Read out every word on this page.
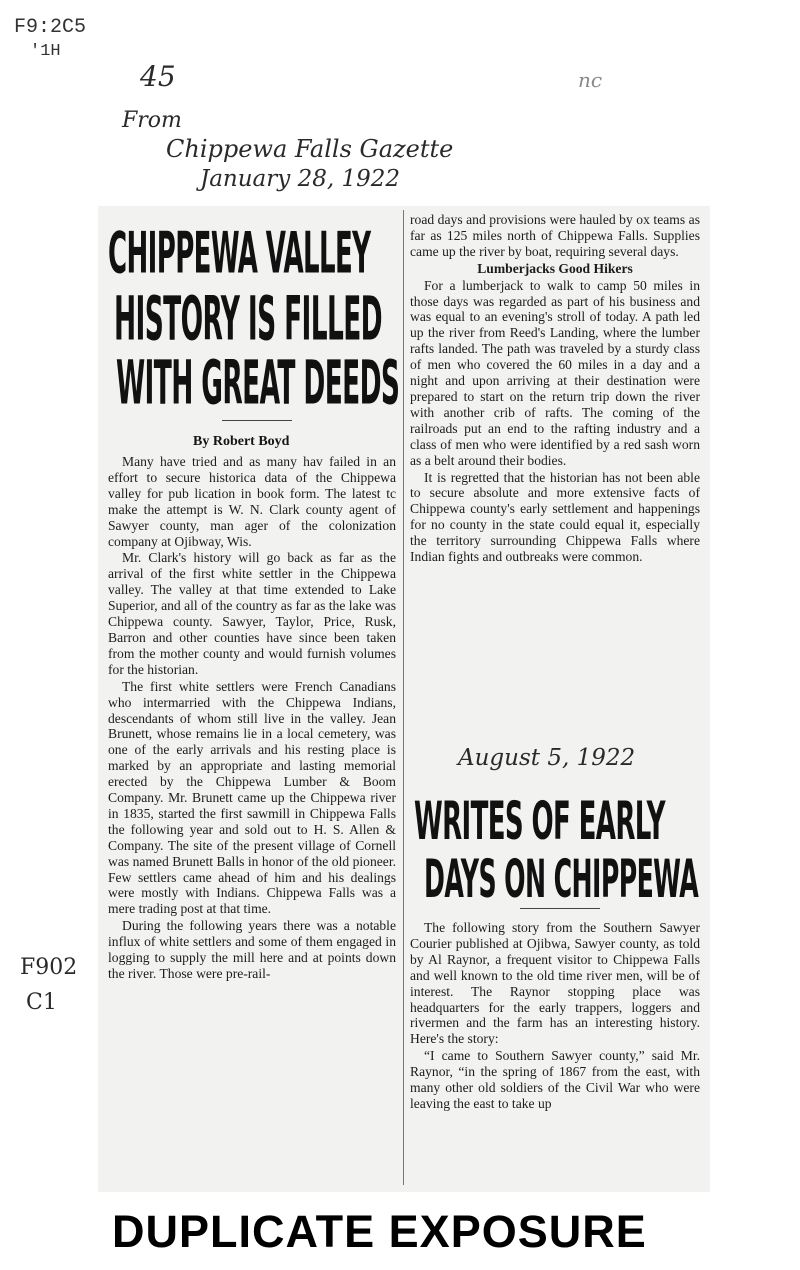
F9:2C5
'1H
45	nc
F902
C1
From
Chippewa Falls Gazette
January 28, 1922
CHIPPEWA VALLEY
HISTORY IS FILLED
WITH GREAT DEEDS
By Robert Boyd

Many have tried and as many hav failed in an effort to secure historica data of the Chippewa valley for pub lication in book form. The latest tc make the attempt is W. N. Clark county agent of Sawyer county, man ager of the colonization company at Ojibway, Wis.

Mr. Clark's history will go back as far as the arrival of the first white settler in the Chippewa valley. The valley at that time extended to Lake Superior, and all of the country as far as the lake was Chippewa county. Sawyer, Taylor, Price, Rusk, Barron and other counties have since been taken from the mother county and would furnish volumes for the historian.

The first white settlers were French Canadians who intermarried with the Chippewa Indians, descendants of whom still live in the valley. Jean Brunett, whose remains lie in a local cemetery, was one of the early arrivals and his resting place is marked by an appropriate and lasting memorial erected by the Chippewa Lumber & Boom Company. Mr. Brunett came up the Chippewa river in 1835, started the first sawmill in Chippewa Falls the following year and sold out to H. S. Allen & Company. The site of the present village of Cornell was named Brunett Balls in honor of the old pioneer. Few settlers came ahead of him and his dealings were mostly with Indians. Chippewa Falls was a mere trading post at that time.

During the following years there was a notable influx of white settlers and some of them engaged in logging to supply the mill here and at points down the river. Those were pre-rail-

road days and provisions were hauled by ox teams as far as 125 miles north of Chippewa Falls. Supplies came up the river by boat, requiring several days.

Lumberjacks Good Hikers

For a lumberjack to walk to camp 50 miles in those days was regarded as part of his business and was equal to an evening's stroll of today. A path led up the river from Reed's Landing, where the lumber rafts landed. The path was traveled by a sturdy class of men who covered the 60 miles in a day and a night and upon arriving at their destination were prepared to start on the return trip down the river with another crib of rafts. The coming of the railroads put an end to the rafting industry and a class of men who were identified by a red sash worn as a belt around their bodies.

It is regretted that the historian has not been able to secure absolute and more extensive facts of Chippewa county's early settlement and happenings for no county in the state could equal it, especially the territory surrounding Chippewa Falls where Indian fights and outbreaks were common.

August 5, 1922
WRITES OF EARLY
DAYS ON CHIPPEWA

The following story from the Southern Sawyer Courier published at Ojibwa, Sawyer county, as told by Al Raynor, a frequent visitor to Chippewa Falls and well known to the old time river men, will be of interest. The Raynor stopping place was headquarters for the early trappers, loggers and rivermen and the farm has an interesting history. Here's the story:

“I came to Southern Sawyer county,” said Mr. Raynor, “in the spring of 1867 from the east, with many other old soldiers of the Civil War who were leaving the east to take up

DUPLICATE EXPOSURE
